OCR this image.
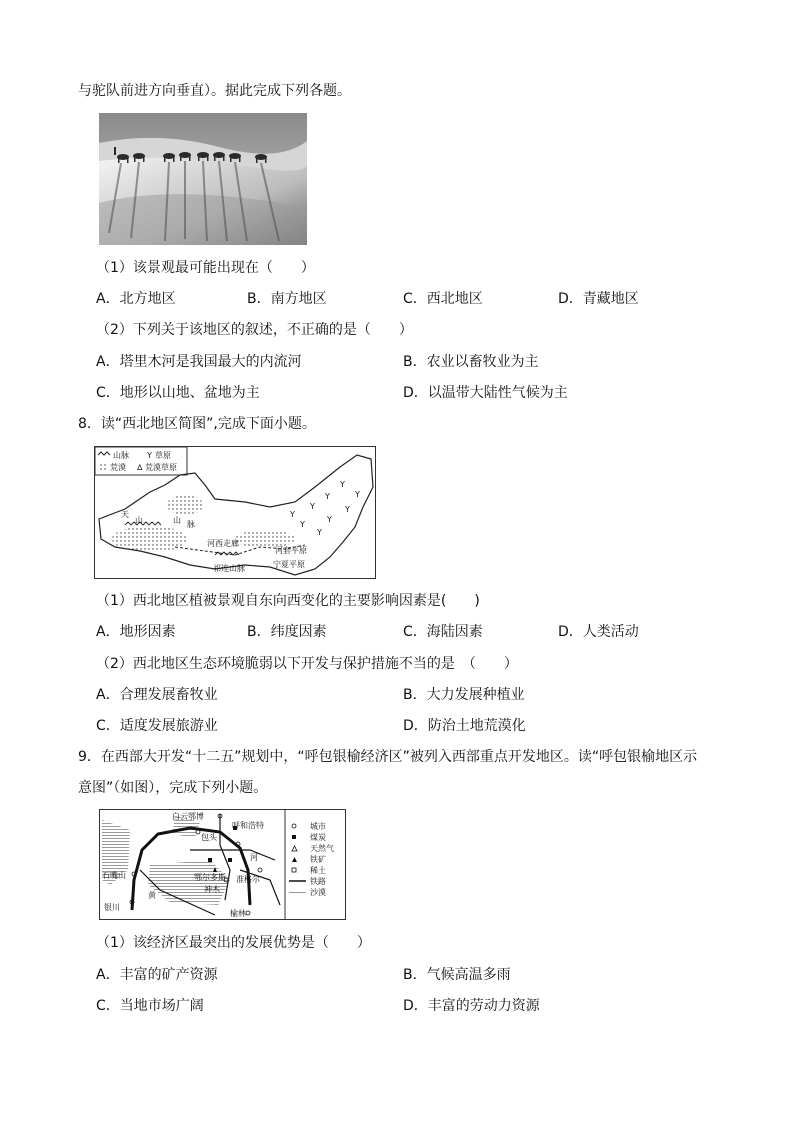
与驼队前进方向垂直）。据此完成下列各题。
（1）该景观最可能出现在（　　）
A．北方地区	B．南方地区	C．西北地区	D．青藏地区
（2）下列关于该地区的叙述，不正确的是（　　）
A．塔里木河是我国最大的内流河	B．农业以畜牧业为主
C．地形以山地、盆地为主	D．以温带大陆性气候为主
8．读“西北地区简图”,完成下面小题。
山脉 Y 草原
荒漠 ᐃ 荒漠草原
Y
Y
Y
Y
Y
Y
Y
Y
Y
天
山	山 脉
河西走廊
河套平原
宁夏平原
祁连山脉
（1）西北地区植被景观自东向西变化的主要影响因素是(　　)
A．地形因素	B．纬度因素	C．海陆因素	D．人类活动
（2）西北地区生态环境脆弱以下开发与保护措施不当的是　（　　）
A．合理发展畜牧业	B．大力发展种植业
C．适度发展旅游业	D．防治土地荒漠化
9．在西部大开发“十二五”规划中，“呼包银榆经济区”被列入西部重点开发地区。读“呼包银榆地区示
意图”（如图），完成下列小题。
白云鄂博
呼和浩特
包头
石嘴山
银川
黄
鄂尔多斯 准格尔
神木
榆林
河
城市
煤炭
天然气
铁矿
稀土
铁路
沙漠
（1）该经济区最突出的发展优势是（　　）
A．丰富的矿产资源	B．气候高温多雨
C．当地市场广阔	D．丰富的劳动力资源
